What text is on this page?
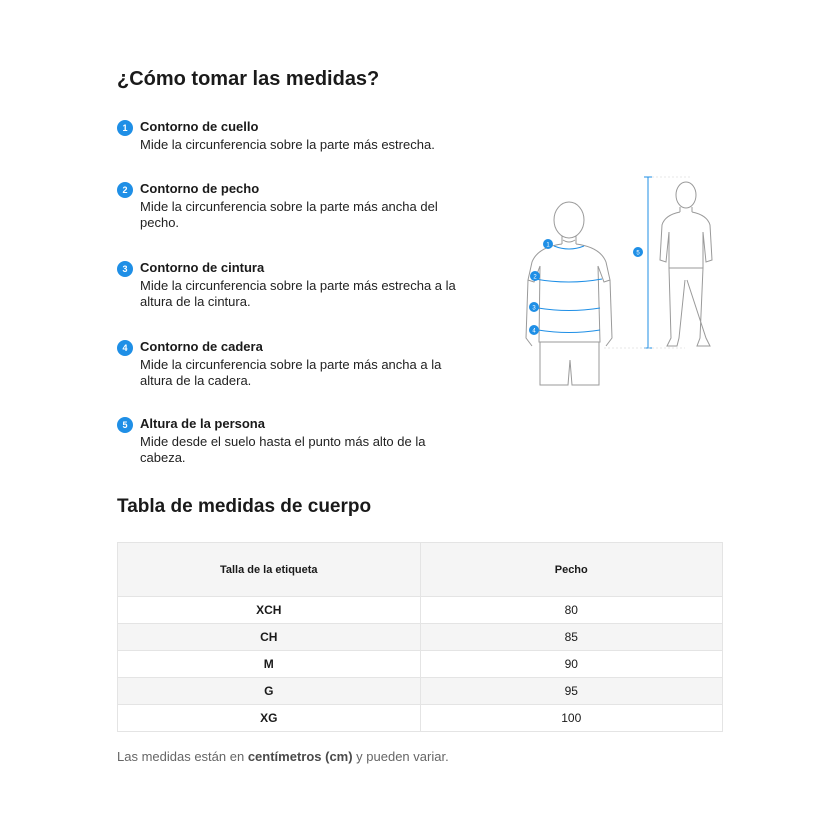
¿Cómo tomar las medidas?
1 Contorno de cuello
Mide la circunferencia sobre la parte más estrecha.
2 Contorno de pecho
Mide la circunferencia sobre la parte más ancha del pecho.
3 Contorno de cintura
Mide la circunferencia sobre la parte más estrecha a la altura de la cintura.
4 Contorno de cadera
Mide la circunferencia sobre la parte más ancha a la altura de la cadera.
5 Altura de la persona
Mide desde el suelo hasta el punto más alto de la cabeza.
1
2
3
4
5
Tabla de medidas de cuerpo
Talla de la etiqueta	Pecho
XCH	80
CH	85
M	90
G	95
XG	100

Las medidas están en centímetros (cm) y pueden variar.
